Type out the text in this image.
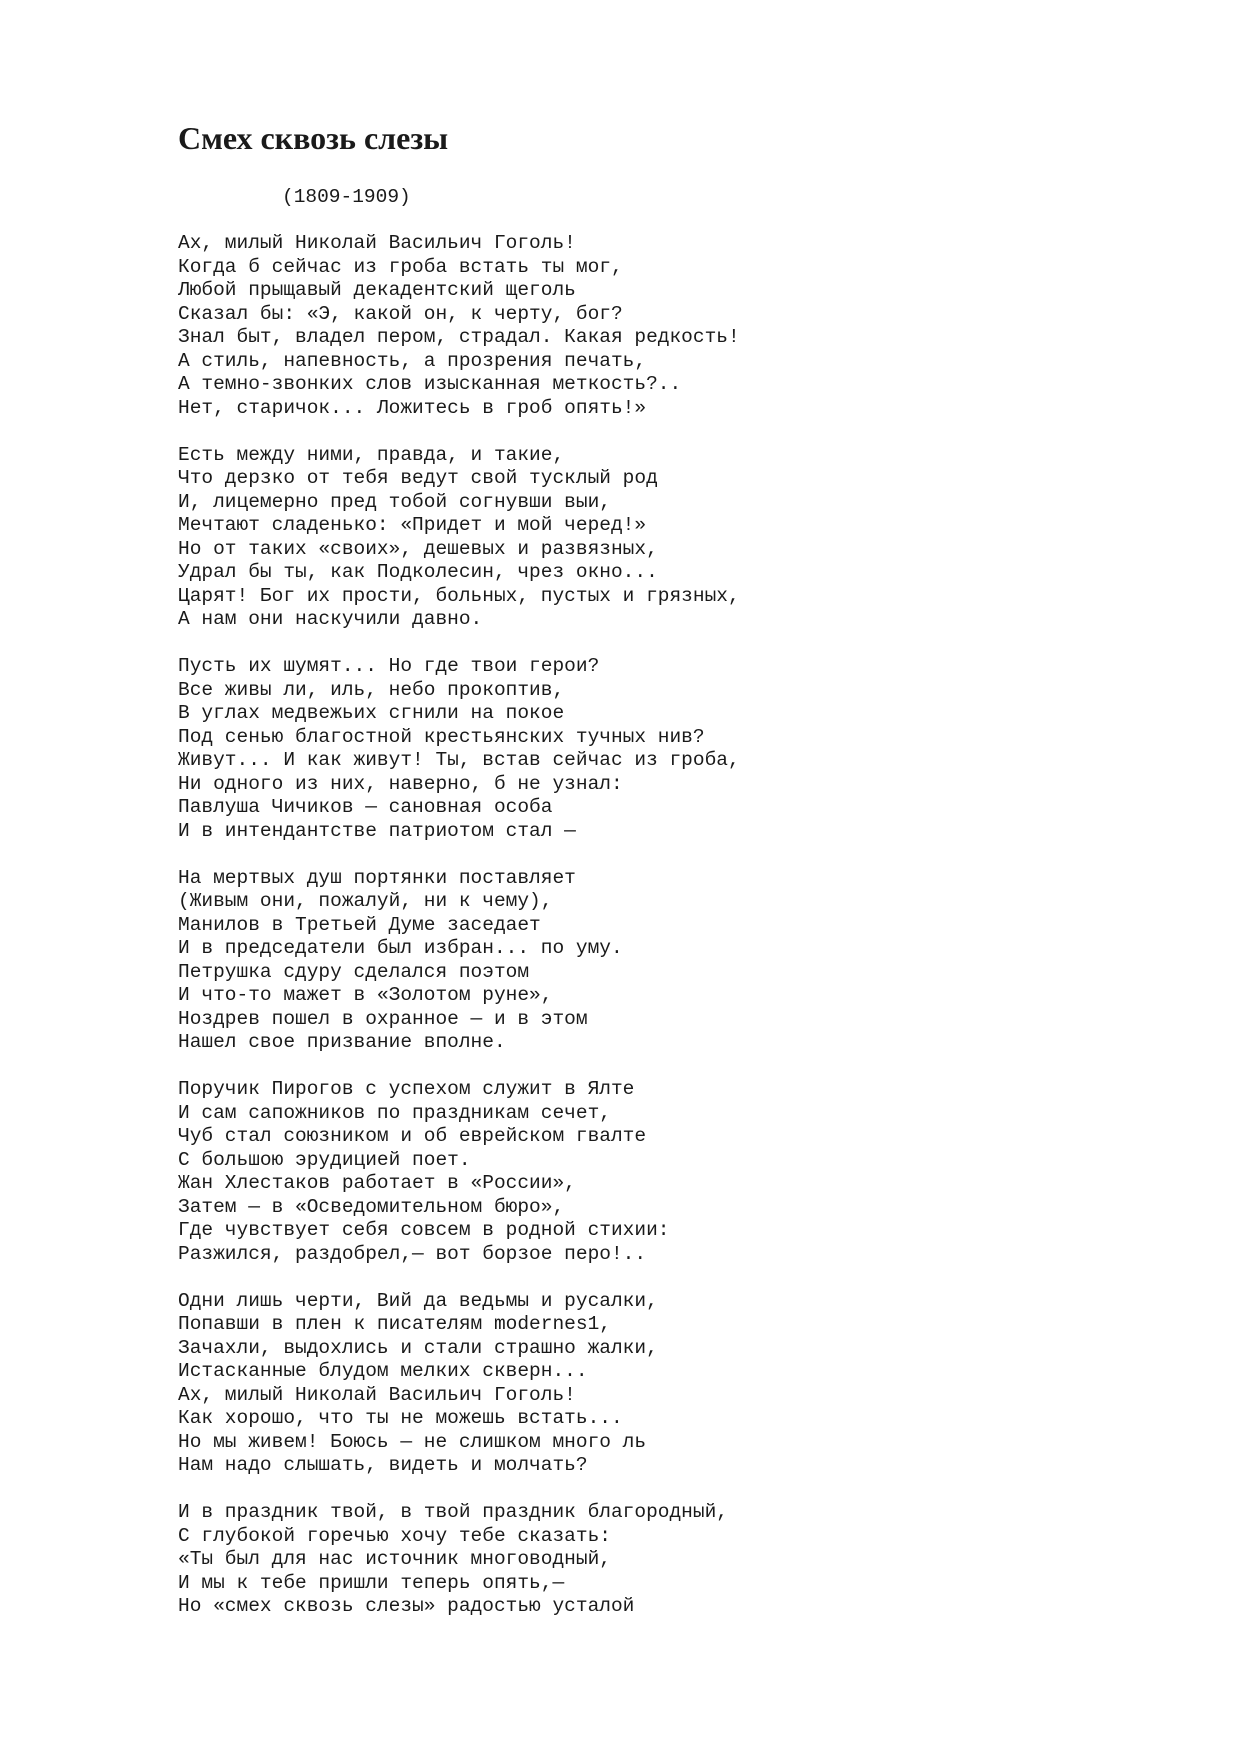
Смех сквозь слезы
(1809-1909)
Ах, милый Николай Васильич Гоголь!
Когда б сейчас из гроба встать ты мог,
Любой прыщавый декадентский щеголь
Сказал бы: «Э, какой он, к черту, бог?
Знал быт, владел пером, страдал. Какая редкость!
А стиль, напевность, а прозрения печать,
А темно-звонких слов изысканная меткость?..
Нет, старичок... Ложитесь в гроб опять!»
Есть между ними, правда, и такие,
Что дерзко от тебя ведут свой тусклый род
И, лицемерно пред тобой согнувши выи,
Мечтают сладенько: «Придет и мой черед!»
Но от таких «своих», дешевых и развязных,
Удрал бы ты, как Подколесин, чрез окно...
Царят! Бог их прости, больных, пустых и грязных,
А нам они наскучили давно.
Пусть их шумят... Но где твои герои?
Все живы ли, иль, небо прокоптив,
В углах медвежьих сгнили на покое
Под сенью благостной крестьянских тучных нив?
Живут... И как живут! Ты, встав сейчас из гроба,
Ни одного из них, наверно, б не узнал:
Павлуша Чичиков — сановная особа
И в интендантстве патриотом стал —
На мертвых душ портянки поставляет
(Живым они, пожалуй, ни к чему),
Манилов в Третьей Думе заседает
И в председатели был избран... по уму.
Петрушка сдуру сделался поэтом
И что-то мажет в «Золотом руне»,
Ноздрев пошел в охранное — и в этом
Нашел свое призвание вполне.
Поручик Пирогов с успехом служит в Ялте
И сам сапожников по праздникам сечет,
Чуб стал союзником и об еврейском гвалте
С большою эрудицией поет.
Жан Хлестаков работает в «России»,
Затем — в «Осведомительном бюро»,
Где чувствует себя совсем в родной стихии:
Разжился, раздобрел,— вот борзое перо!..
Одни лишь черти, Вий да ведьмы и русалки,
Попавши в плен к писателям modernes1,
Зачахли, выдохлись и стали страшно жалки,
Истасканные блудом мелких скверн...
Ах, милый Николай Васильич Гоголь!
Как хорошо, что ты не можешь встать...
Но мы живем! Боюсь — не слишком много ль
Нам надо слышать, видеть и молчать?
И в праздник твой, в твой праздник благородный,
С глубокой горечью хочу тебе сказать:
«Ты был для нас источник многоводный,
И мы к тебе пришли теперь опять,—
Но «смех сквозь слезы» радостью усталой
